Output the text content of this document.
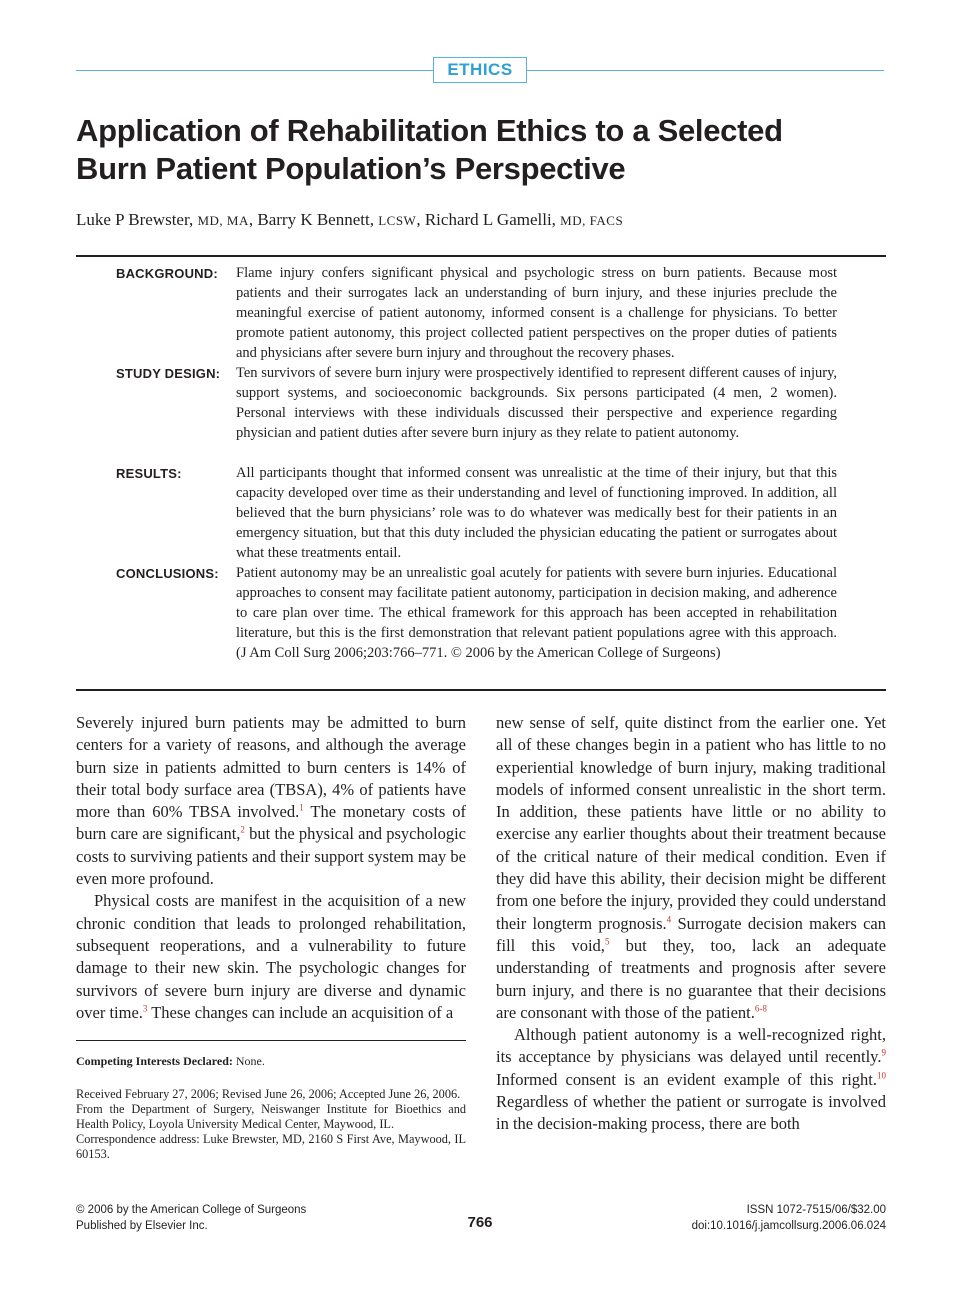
ETHICS
Application of Rehabilitation Ethics to a Selected
Burn Patient Population’s Perspective
Luke P Brewster, MD, MA, Barry K Bennett, LCSW, Richard L Gamelli, MD, FACS
BACKGROUND: Flame injury confers significant physical and psychologic stress on burn patients. Because most patients and their surrogates lack an understanding of burn injury, and these injuries preclude the meaningful exercise of patient autonomy, informed consent is a challenge for physicians. To better promote patient autonomy, this project collected patient perspectives on the proper duties of patients and physicians after severe burn injury and throughout the recovery phases.

STUDY DESIGN: Ten survivors of severe burn injury were prospectively identified to represent different causes of injury, support systems, and socioeconomic backgrounds. Six persons participated (4 men, 2 women). Personal interviews with these individuals discussed their perspective and experience regarding physician and patient duties after severe burn injury as they relate to patient autonomy.

RESULTS:	All participants thought that informed consent was unrealistic at the time of their injury, but that this capacity developed over time as their understanding and level of functioning improved. In addition, all believed that the burn physicians’ role was to do whatever was medically best for their patients in an emergency situation, but that this duty included the physician educating the patient or surrogates about what these treatments entail.

CONCLUSIONS: Patient autonomy may be an unrealistic goal acutely for patients with severe burn injuries. Educational approaches to consent may facilitate patient autonomy, participation in decision making, and adherence to care plan over time. The ethical framework for this approach has been accepted in rehabilitation literature, but this is the first demonstration that relevant patient populations agree with this approach. (J Am Coll Surg 2006;203:766–771. © 2006 by the American College of Surgeons)

Severely injured burn patients may be admitted to burn centers for a variety of reasons, and although the average burn size in patients admitted to burn centers is 14% of their total body surface area (TBSA), 4% of patients have more than 60% TBSA involved.$^1$ The monetary costs of burn care are significant,$^2$ but the physical and psychologic costs to surviving patients and their support system may be even more profound.

Physical costs are manifest in the acquisition of a new chronic condition that leads to prolonged rehabilitation, subsequent reoperations, and a vulnerability to future damage to their new skin. The psychologic changes for survivors of severe burn injury are diverse and dynamic over time.$^3$ These changes can include an acquisition of a

new sense of self, quite distinct from the earlier one. Yet all of these changes begin in a patient who has little to no experiential knowledge of burn injury, making traditional models of informed consent unrealistic in the short term. In addition, these patients have little or no ability to exercise any earlier thoughts about their treatment because of the critical nature of their medical condition. Even if they did have this ability, their decision might be different from one before the injury, provided they could understand their longterm prognosis.$^4$ Surrogate decision makers can fill this void,$^5$ but they, too, lack an adequate understanding of treatments and prognosis after severe burn injury, and there is no guarantee that their decisions are consonant with those of the patient.$^{6-8}$

Although patient autonomy is a well-recognized right, its acceptance by physicians was delayed until recently.$^9$ Informed consent is an evident example of this right.$^{10}$ Regardless of whether the patient or surrogate is involved in the decision-making process, there are both

Competing Interests Declared: None.

Received February 27, 2006; Revised June 26, 2006; Accepted June 26, 2006.

From the Department of Surgery, Neiswanger Institute for Bioethics and Health Policy, Loyola University Medical Center, Maywood, IL.

Correspondence address: Luke Brewster, MD, 2160 S First Ave, Maywood, IL 60153.

© 2006 by the American College of Surgeons
Published by Elsevier Inc.	766
ISSN 1072-7515/06/$32.00
doi:10.1016/j.jamcollsurg.2006.06.024
